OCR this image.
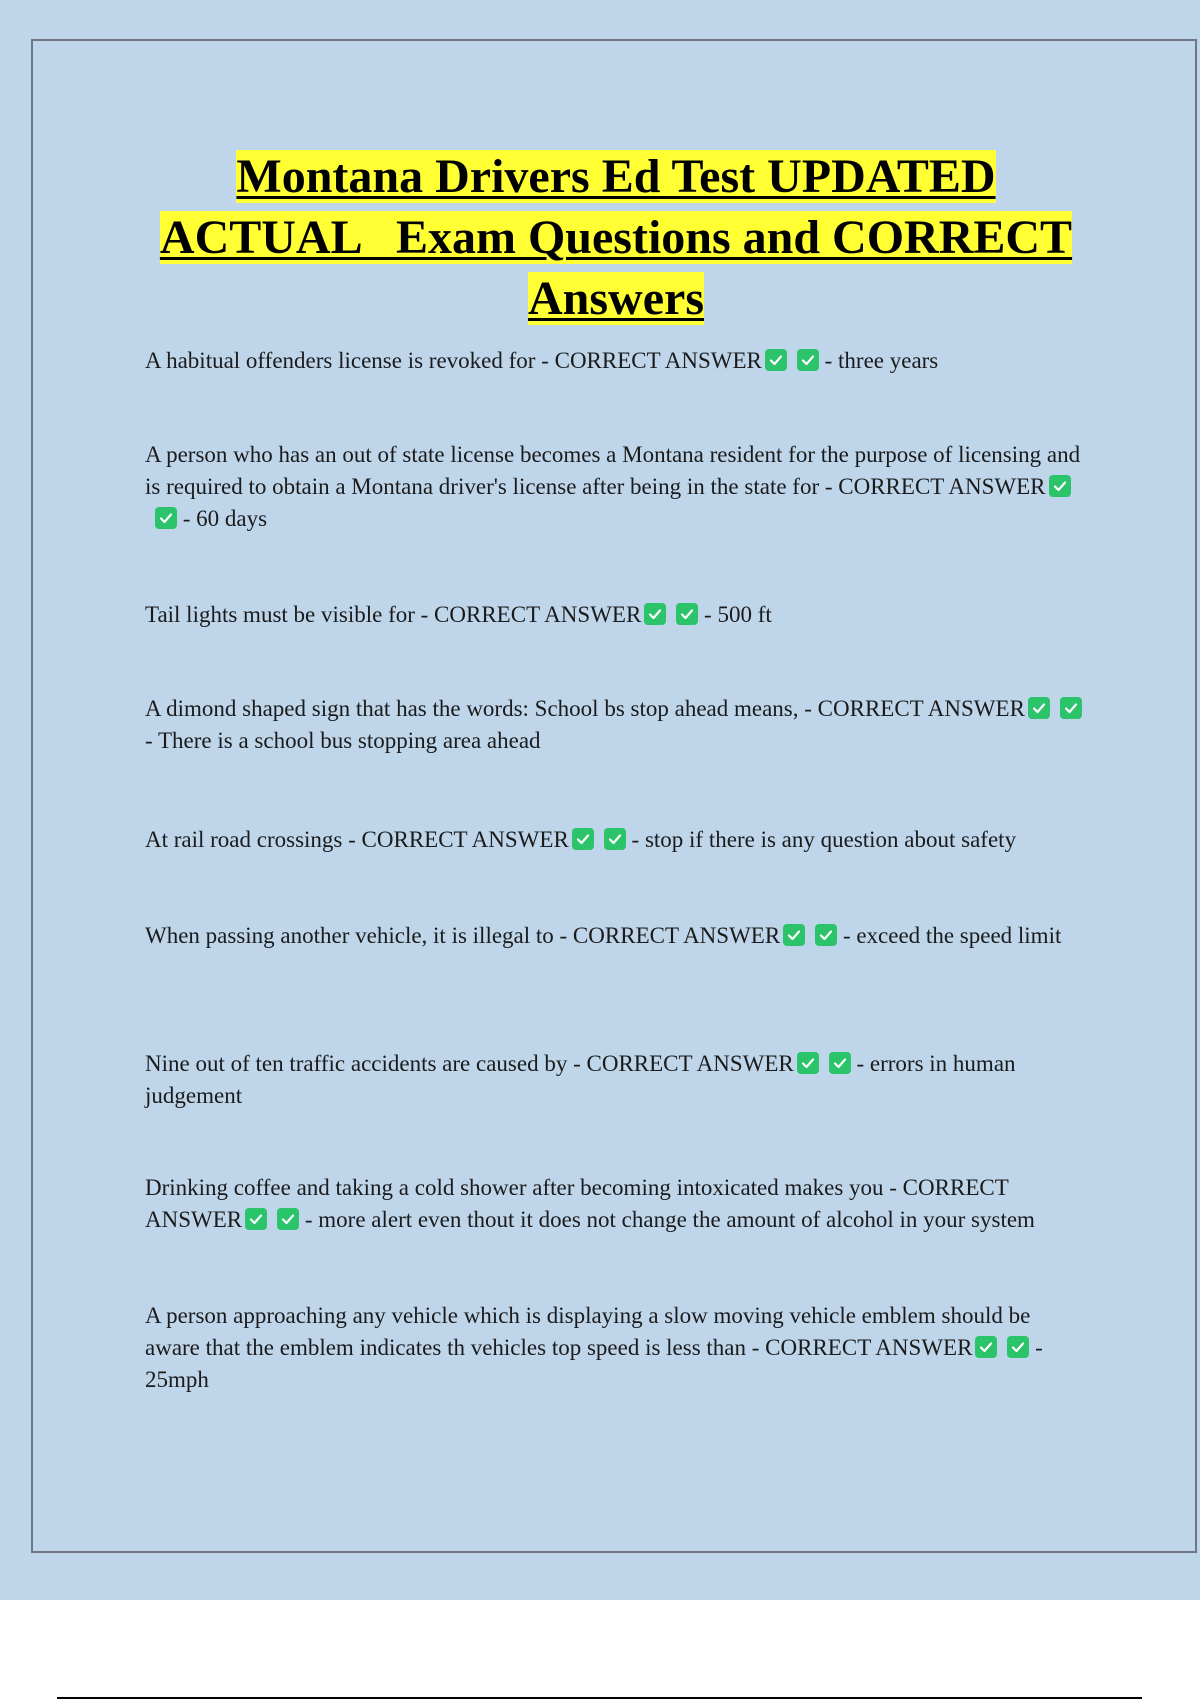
Montana Drivers Ed Test UPDATED
ACTUAL   Exam Questions and CORRECT
Answers

A habitual offenders license is revoked for - CORRECT ANSWER	- three years

A person who has an out of state license becomes a Montana resident for the purpose of licensing and is required to obtain a Montana driver's license after being in the state for - CORRECT ANSWER
- 60 days

Tail lights must be visible for - CORRECT ANSWER	- 500 ft

A dimond shaped sign that has the words: School bs stop ahead means, - CORRECT ANSWER
- There is a school bus stopping area ahead

At rail road crossings - CORRECT ANSWER	- stop if there is any question about safety

When passing another vehicle, it is illegal to - CORRECT ANSWER	- exceed the speed limit

Nine out of ten traffic accidents are caused by - CORRECT ANSWER	- errors in human judgement

Drinking coffee and taking a cold shower after becoming intoxicated makes you - CORRECT ANSWER	- more alert even thout it does not change the amount of alcohol in your system

A person approaching any vehicle which is displaying a slow moving vehicle emblem should be aware that the emblem indicates th vehicles top speed is less than - CORRECT ANSWER	- 25mph
